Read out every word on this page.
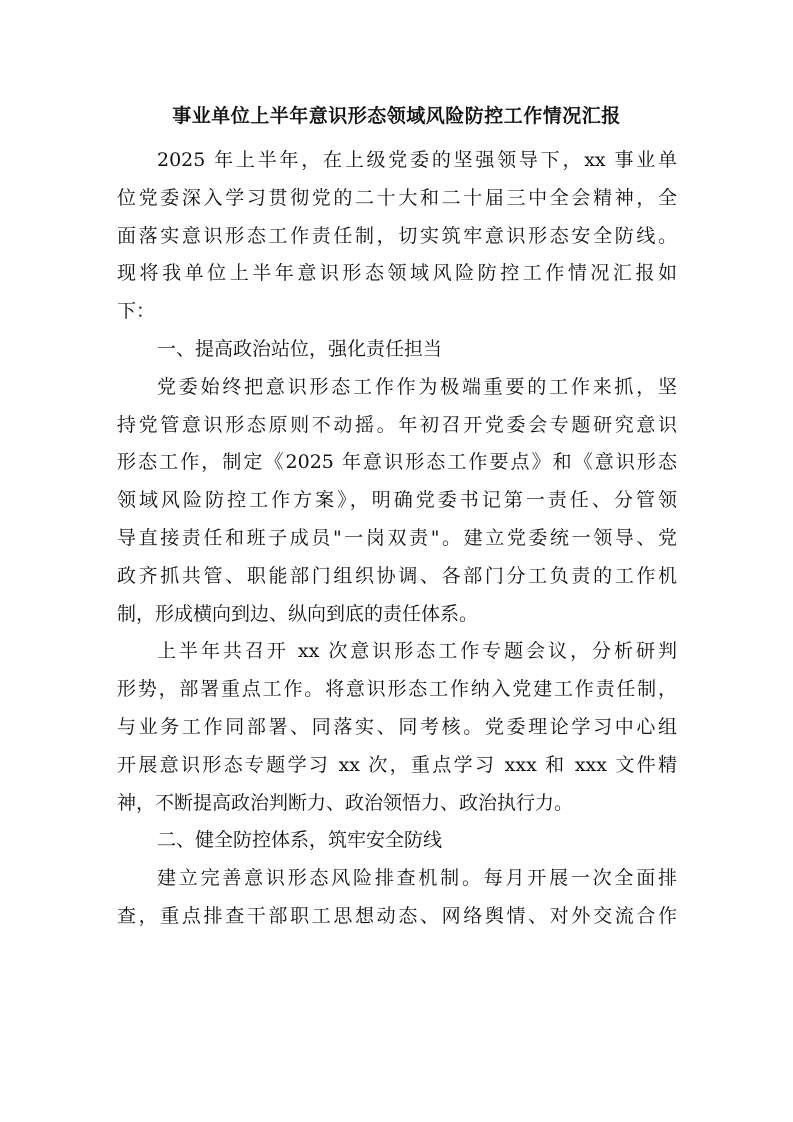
事业单位上半年意识形态领域风险防控工作情况汇报
2025 年上半年，在上级党委的坚强领导下，xx 事业单
位党委深入学习贯彻党的二十大和二十届三中全会精神，全
面落实意识形态工作责任制，切实筑牢意识形态安全防线。
现将我单位上半年意识形态领域风险防控工作情况汇报如
下：
一、提高政治站位，强化责任担当
党委始终把意识形态工作作为极端重要的工作来抓，坚
持党管意识形态原则不动摇。年初召开党委会专题研究意识
形态工作，制定《2025 年意识形态工作要点》和《意识形态
领域风险防控工作方案》，明确党委书记第一责任、分管领
导直接责任和班子成员"一岗双责"。建立党委统一领导、党
政齐抓共管、职能部门组织协调、各部门分工负责的工作机
制，形成横向到边、纵向到底的责任体系。
上半年共召开 xx 次意识形态工作专题会议，分析研判
形势，部署重点工作。将意识形态工作纳入党建工作责任制，
与业务工作同部署、同落实、同考核。党委理论学习中心组
开展意识形态专题学习 xx 次，重点学习 xxx 和 xxx 文件精
神，不断提高政治判断力、政治领悟力、政治执行力。
二、健全防控体系，筑牢安全防线
建立完善意识形态风险排查机制。每月开展一次全面排
查，重点排查干部职工思想动态、网络舆情、对外交流合作
